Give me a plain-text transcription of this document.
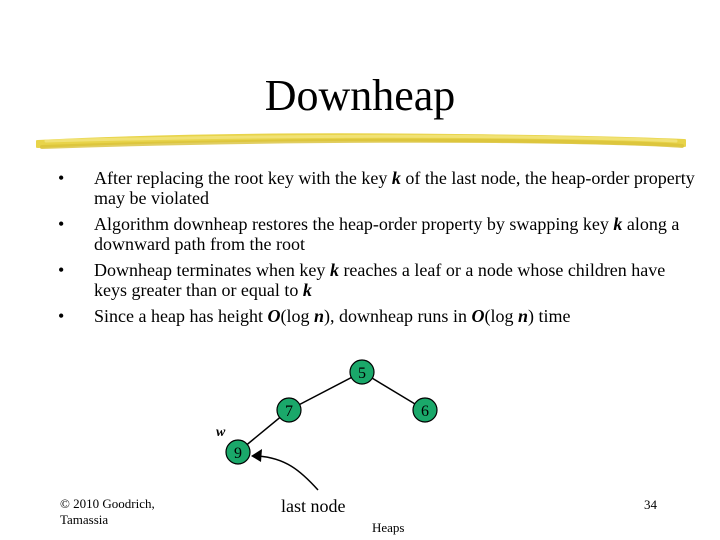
Downheap
• After replacing the root key with the key k of the last node, the heap-order property may be violated
• Algorithm downheap restores the heap-order property by swapping key k along a downward path from the root
• Downheap terminates when key k reaches a leaf or a node whose children have keys greater than or equal to k
• Since a heap has height O(log n), downheap runs in O(log n) time
5
7	6
9
w
last node
© 2010 Goodrich,
Tamassia
Heaps
34
